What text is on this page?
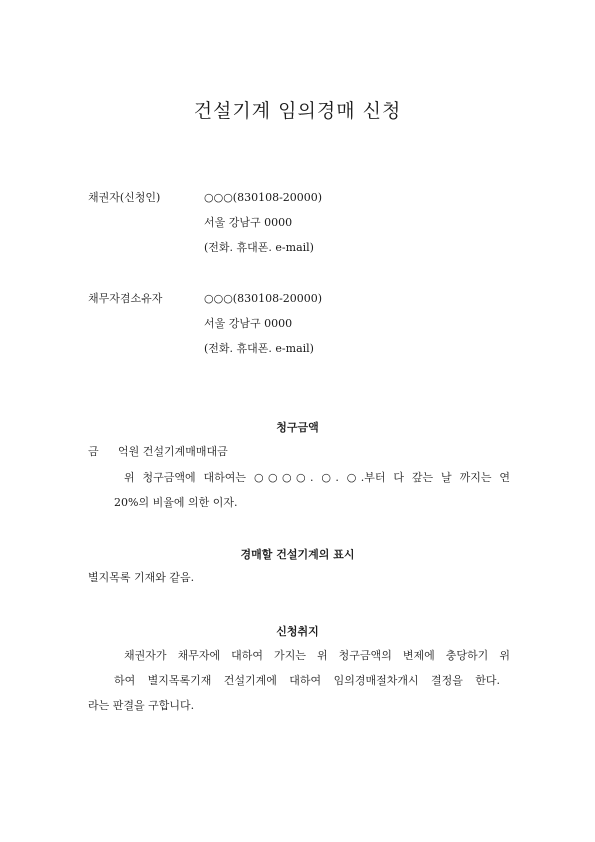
건설기계 임의경매 신청
채권자(신청인)	○○○(830108-20000)
서울 강남구 0000
(전화. 휴대폰. e-mail)
채무자겸소유자	○○○(830108-20000)
서울 강남구 0000
(전화. 휴대폰. e-mail)
청구금액
금 억원 건설기계매매대금
위 청구금액에 대하여는 ○○○○. ○. ○.부터 다 갚는 날 까지는 연
20%의 비율에 의한 이자.
경매할 건설기계의 표시
별지목록 기재와 같음.
신청취지
채권자가 채무자에 대하여 가지는 위 청구금액의 변제에 충당하기 위
하여 별지목록기재 건설기계에 대하여 임의경매절차개시 결정을 한다.
라는 판결을 구합니다.
